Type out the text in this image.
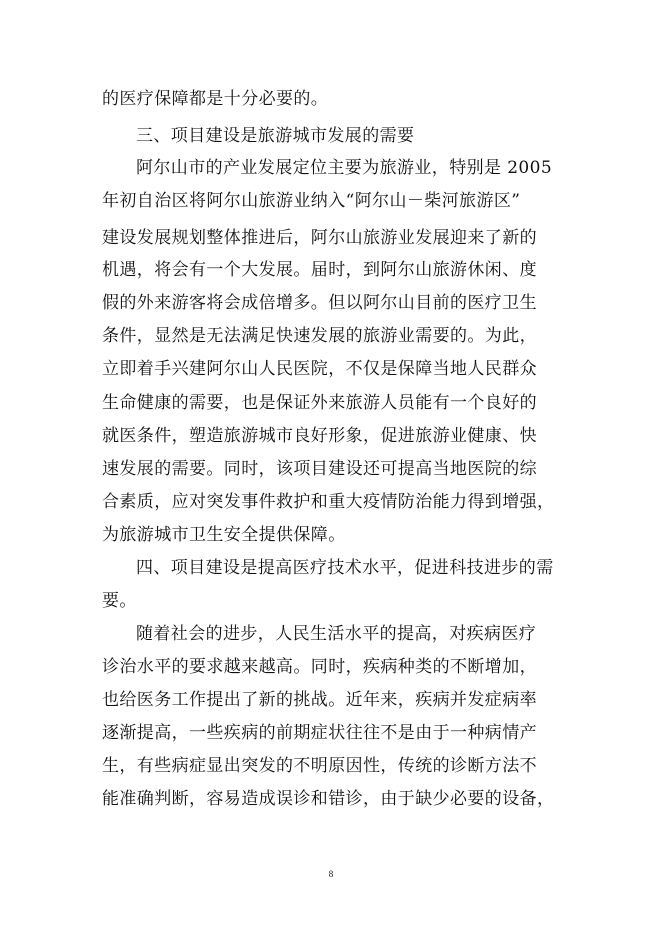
的医疗保障都是十分必要的。
三、项目建设是旅游城市发展的需要
阿尔山市的产业发展定位主要为旅游业，特别是 2005
年初自治区将阿尔山旅游业纳入“阿尔山－柴河旅游区”
建设发展规划整体推进后，阿尔山旅游业发展迎来了新的
机遇，将会有一个大发展。届时，到阿尔山旅游休闲、度
假的外来游客将会成倍增多。但以阿尔山目前的医疗卫生
条件，显然是无法满足快速发展的旅游业需要的。为此，
立即着手兴建阿尔山人民医院，不仅是保障当地人民群众
生命健康的需要，也是保证外来旅游人员能有一个良好的
就医条件，塑造旅游城市良好形象，促进旅游业健康、快
速发展的需要。同时，该项目建设还可提高当地医院的综
合素质，应对突发事件救护和重大疫情防治能力得到增强，
为旅游城市卫生安全提供保障。
四、项目建设是提高医疗技术水平，促进科技进步的需
要。
随着社会的进步，人民生活水平的提高，对疾病医疗
诊治水平的要求越来越高。同时，疾病种类的不断增加，
也给医务工作提出了新的挑战。近年来，疾病并发症病率
逐渐提高，一些疾病的前期症状往往不是由于一种病情产
生，有些病症显出突发的不明原因性，传统的诊断方法不
能准确判断，容易造成误诊和错诊，由于缺少必要的设备，
8
